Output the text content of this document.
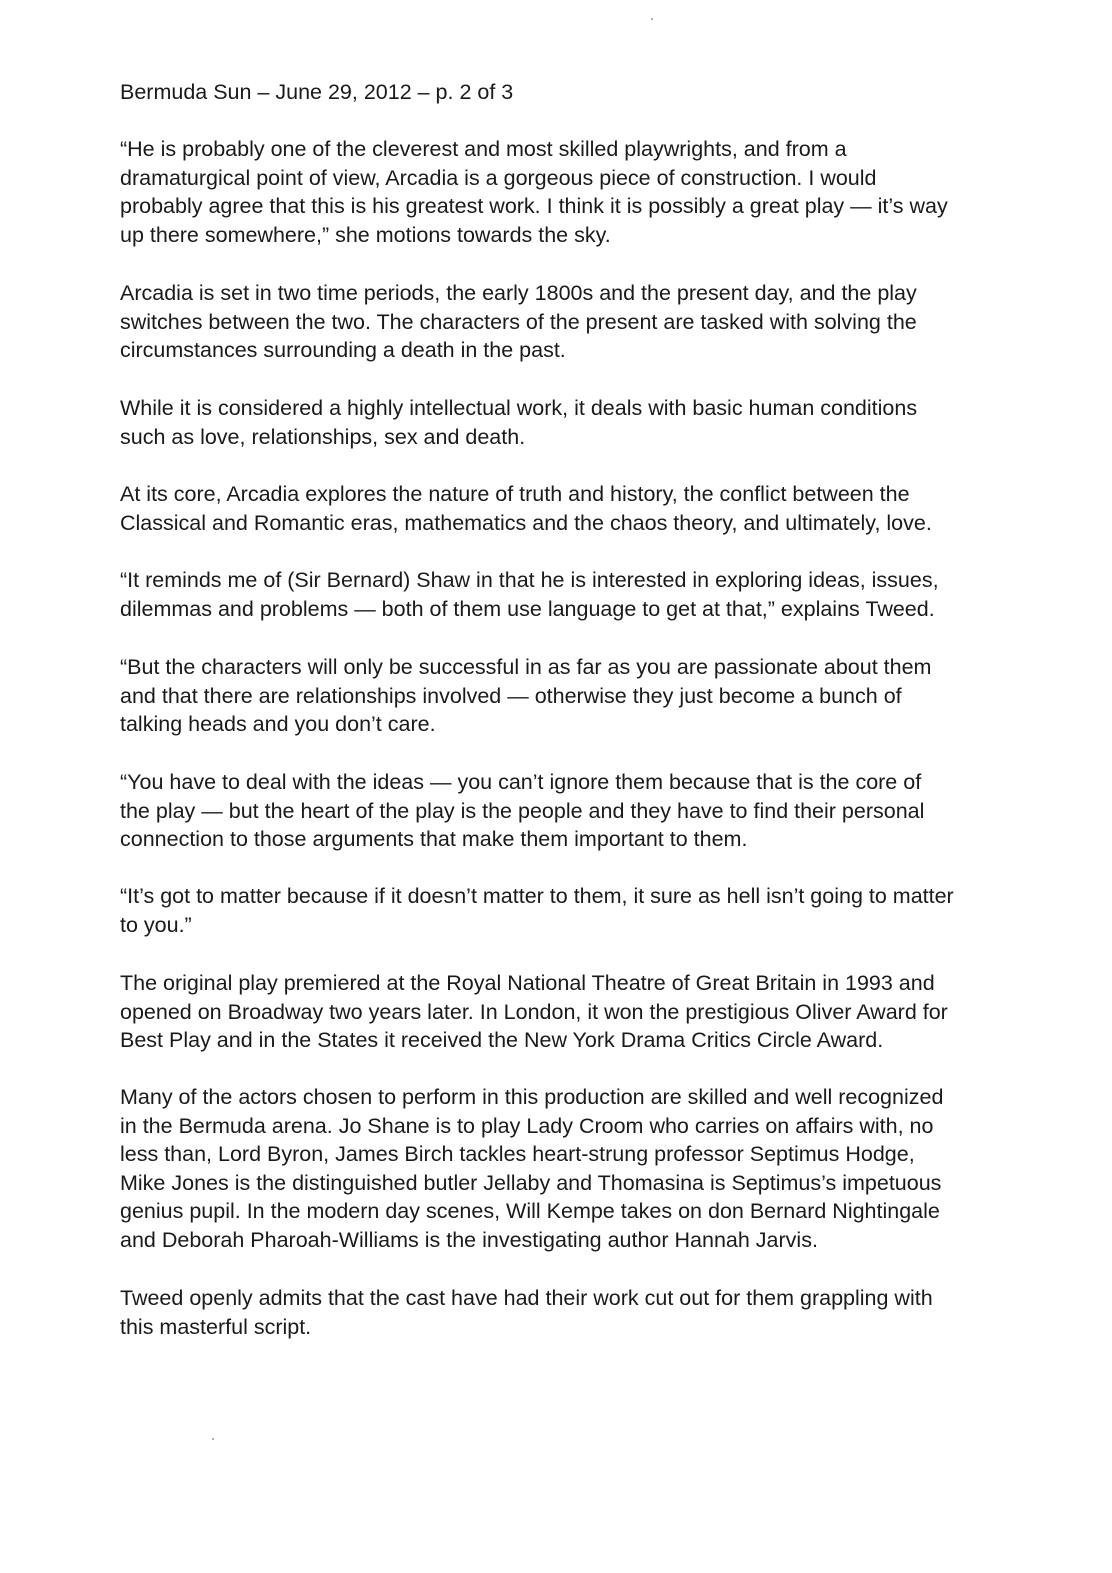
Bermuda Sun – June 29, 2012 – p. 2 of 3
“He is probably one of the cleverest and most skilled playwrights, and from a
dramaturgical point of view, Arcadia is a gorgeous piece of construction. I would
probably agree that this is his greatest work. I think it is possibly a great play — it’s way
up there somewhere,” she motions towards the sky.
Arcadia is set in two time periods, the early 1800s and the present day, and the play
switches between the two. The characters of the present are tasked with solving the
circumstances surrounding a death in the past.
While it is considered a highly intellectual work, it deals with basic human conditions
such as love, relationships, sex and death.
At its core, Arcadia explores the nature of truth and history, the conflict between the
Classical and Romantic eras, mathematics and the chaos theory, and ultimately, love.
“It reminds me of (Sir Bernard) Shaw in that he is interested in exploring ideas, issues,
dilemmas and problems — both of them use language to get at that,” explains Tweed.
“But the characters will only be successful in as far as you are passionate about them
and that there are relationships involved — otherwise they just become a bunch of
talking heads and you don’t care.
“You have to deal with the ideas — you can’t ignore them because that is the core of
the play — but the heart of the play is the people and they have to find their personal
connection to those arguments that make them important to them.
“It’s got to matter because if it doesn’t matter to them, it sure as hell isn’t going to matter
to you.”
The original play premiered at the Royal National Theatre of Great Britain in 1993 and
opened on Broadway two years later. In London, it won the prestigious Oliver Award for
Best Play and in the States it received the New York Drama Critics Circle Award.
Many of the actors chosen to perform in this production are skilled and well recognized
in the Bermuda arena. Jo Shane is to play Lady Croom who carries on affairs with, no
less than, Lord Byron, James Birch tackles heart-strung professor Septimus Hodge,
Mike Jones is the distinguished butler Jellaby and Thomasina is Septimus’s impetuous
genius pupil. In the modern day scenes, Will Kempe takes on don Bernard Nightingale
and Deborah Pharoah-Williams is the investigating author Hannah Jarvis.
Tweed openly admits that the cast have had their work cut out for them grappling with
this masterful script.
